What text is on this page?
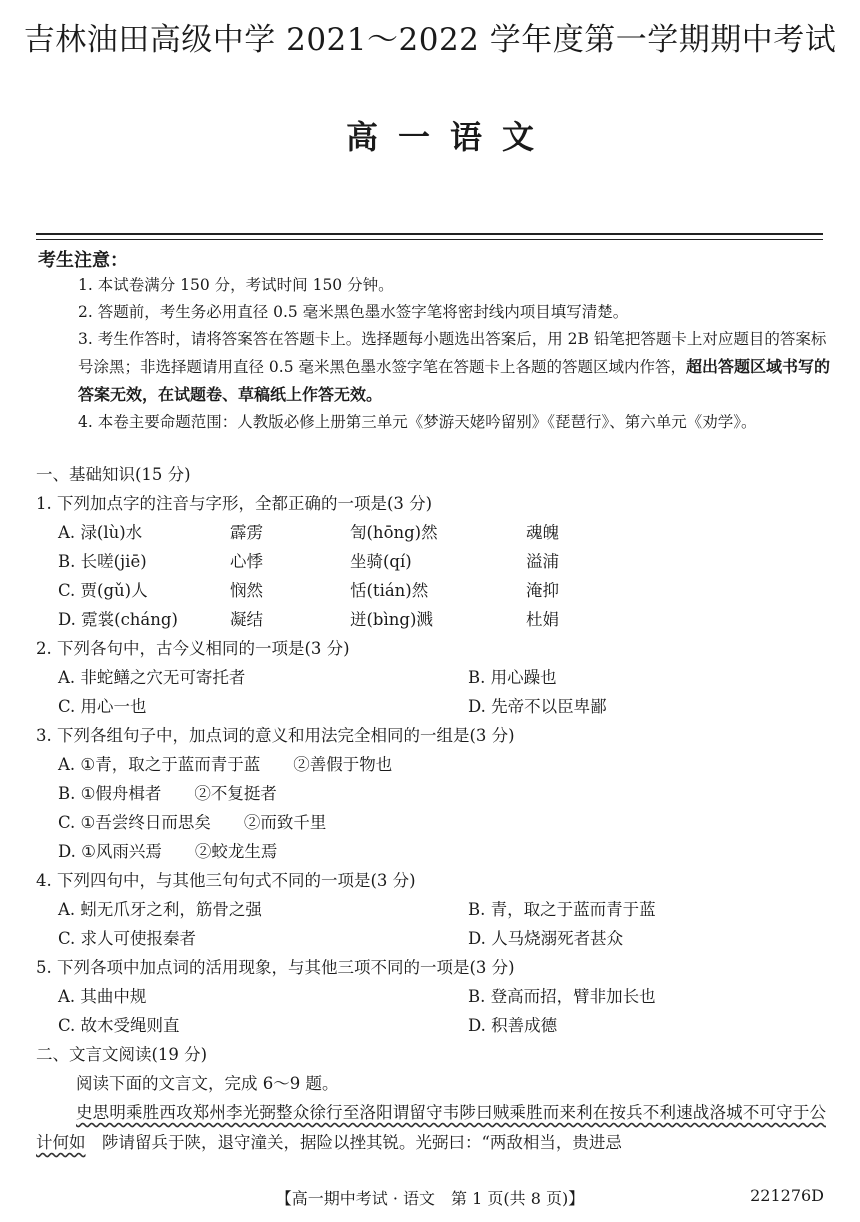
吉林油田高级中学 2021～2022 学年度第一学期期中考试
高一语文
考生注意：
1. 本试卷满分 150 分，考试时间 150 分钟。
2. 答题前，考生务必用直径 0.5 毫米黑色墨水签字笔将密封线内项目填写清楚。
3. 考生作答时，请将答案答在答题卡上。选择题每小题选出答案后，用 2B 铅笔把答题卡上对应题目的答案标号涂黑；非选择题请用直径 0.5 毫米黑色墨水签字笔在答题卡上各题的答题区域内作答，超出答题区域书写的答案无效，在试题卷、草稿纸上作答无效。
4. 本卷主要命题范围：人教版必修上册第三单元《梦游天姥吟留别》《琵琶行》、第六单元《劝学》。
一、基础知识(15 分)
1. 下列加点字的注音与字形，全都正确的一项是(3 分)
A. 渌(lù)水	霹雳	訇(hōng)然	魂魄
B. 长嗟(jiē)	心悸	坐骑(qí)	溢浦
C. 贾(gǔ)人	悯然	恬(tián)然	淹抑
D. 霓裳(cháng)	凝结	迸(bìng)溅	杜娟
2. 下列各句中，古今义相同的一项是(3 分)
A. 非蛇鳝之穴无可寄托者	B. 用心躁也
C. 用心一也	D. 先帝不以臣卑鄙
3. 下列各组句子中，加点词的意义和用法完全相同的一组是(3 分)
A. ①青，取之于蓝而青于蓝　　②善假于物也
B. ①假舟楫者　　②不复挺者
C. ①吾尝终日而思矣　　②而致千里
D. ①风雨兴焉　　②蛟龙生焉
4. 下列四句中，与其他三句句式不同的一项是(3 分)
A. 蚓无爪牙之利，筋骨之强	B. 青，取之于蓝而青于蓝
C. 求人可使报秦者	D. 人马烧溺死者甚众
5. 下列各项中加点词的活用现象，与其他三项不同的一项是(3 分)
A. 其曲中规	B. 登高而招，臂非加长也
C. 故木受绳则直	D. 积善成德
二、文言文阅读(19 分)
阅读下面的文言文，完成 6～9 题。
史思明乘胜西攻郑州李光弼整众徐行至洛阳谓留守韦陟曰贼乘胜而来利在按兵不利速战洛城不可守于公计何如　 陟请留兵于陕，退守潼关，据险以挫其锐。光弼曰：“两敌相当，贵进忌
【高一期中考试 · 语文　第 1 页(共 8 页)】	221276D
